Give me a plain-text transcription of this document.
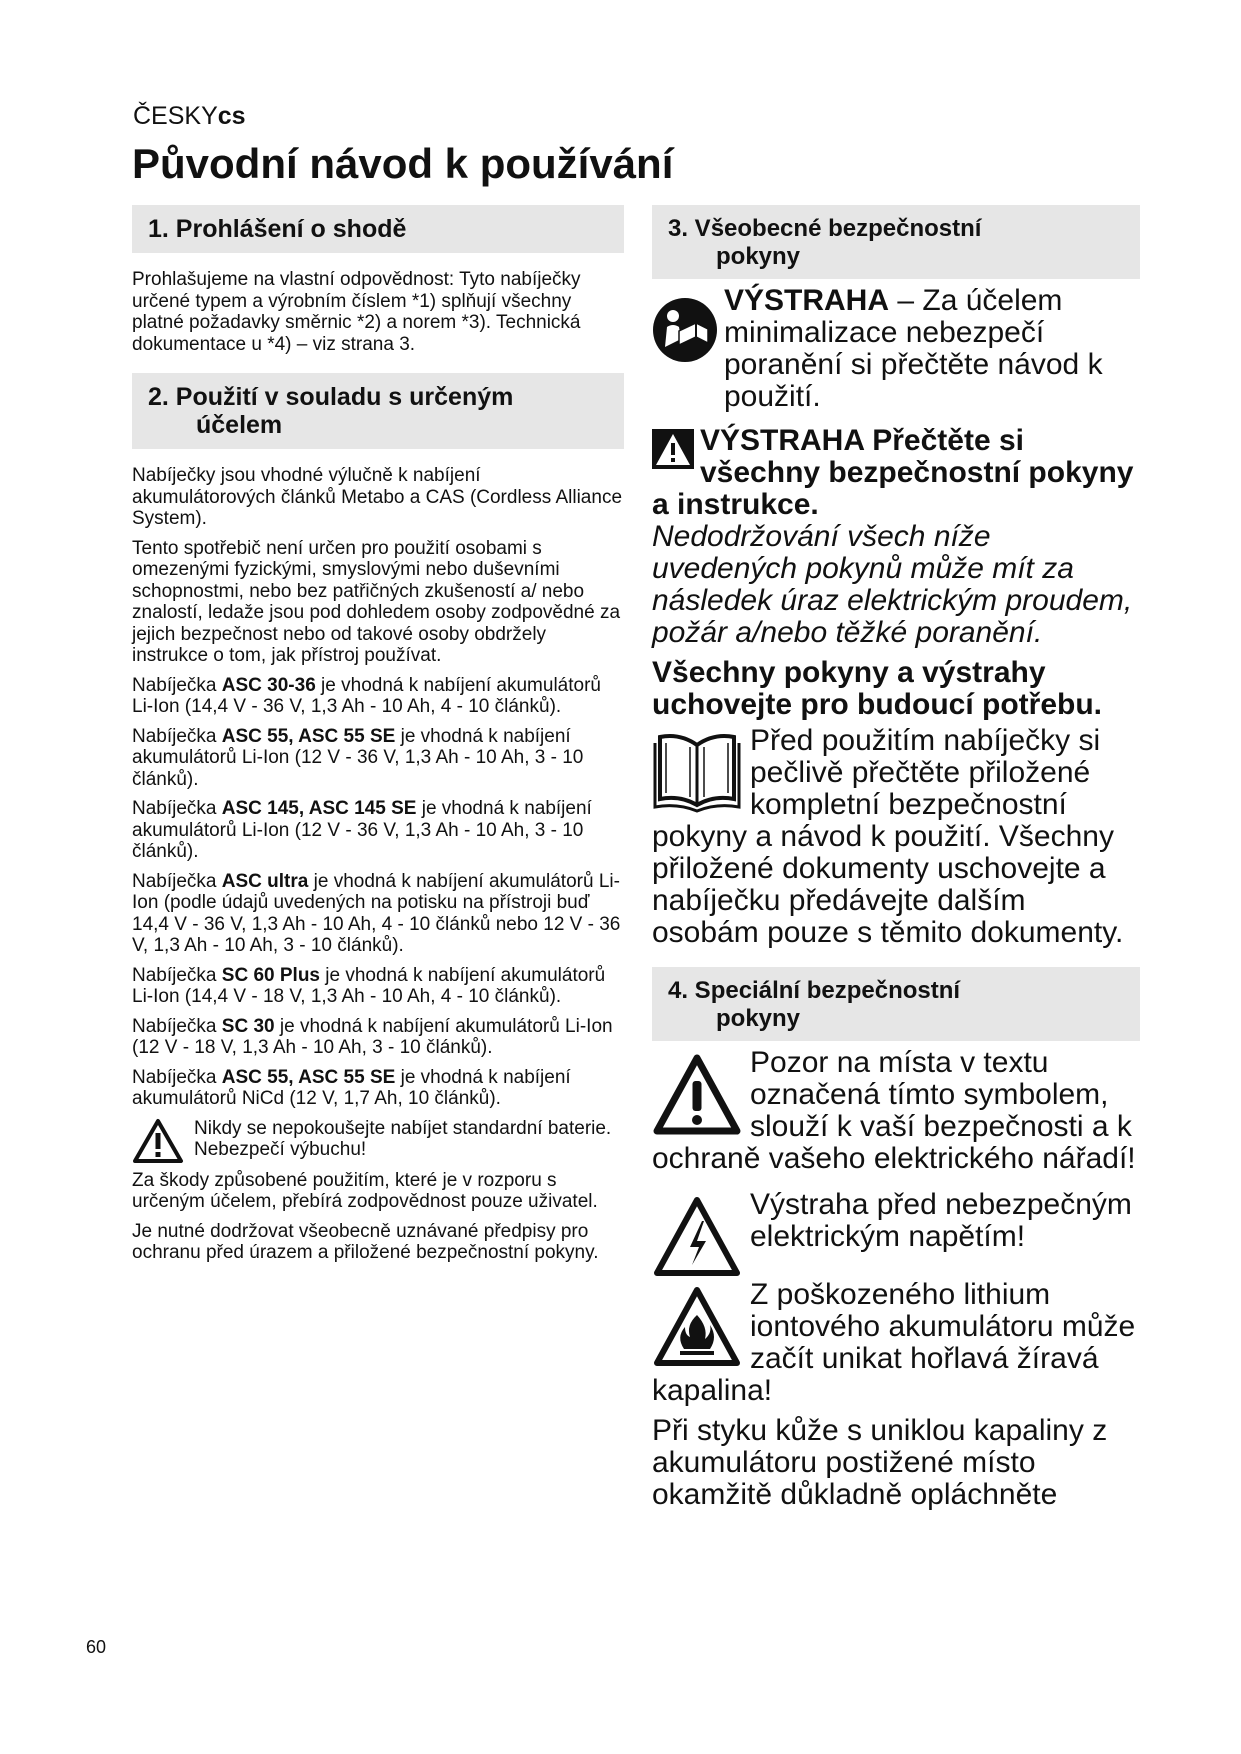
ČESKYcs
Původní návod k používání
1. Prohlášení o shodě

Prohlašujeme na vlastní odpovědnost: Tyto nabíječky určené typem a výrobním číslem *1) splňují všechny platné požadavky směrnic *2) a norem *3). Technická dokumentace u *4) – viz strana 3.

2. Použití v souladu s určeným
účelem

Nabíječky jsou vhodné výlučně k nabíjení akumulátorových článků Metabo a CAS (Cordless Alliance System).

Tento spotřebič není určen pro použití osobami s omezenými fyzickými, smyslovými nebo duševními schopnostmi, nebo bez patřičných zkušeností a/ nebo znalostí, ledaže jsou pod dohledem osoby zodpovědné za jejich bezpečnost nebo od takové osoby obdržely instrukce o tom, jak přístroj používat.

Nabíječka ASC 30-36 je vhodná k nabíjení akumulátorů Li-Ion (14,4 V - 36 V, 1,3 Ah - 10 Ah, 4 - 10 článků).

Nabíječka ASC 55, ASC 55 SE je vhodná k nabíjení akumulátorů Li-Ion (12 V - 36 V, 1,3 Ah - 10 Ah, 3 - 10 článků).

Nabíječka ASC 145, ASC 145 SE je vhodná k nabíjení akumulátorů Li-Ion (12 V - 36 V, 1,3 Ah - 10 Ah, 3 - 10 článků).

Nabíječka ASC ultra je vhodná k nabíjení akumulátorů Li-Ion (podle údajů uvedených na potisku na přístroji buď 14,4 V - 36 V, 1,3 Ah - 10 Ah, 4 - 10 článků nebo 12 V - 36 V, 1,3 Ah - 10 Ah, 3 - 10 článků).

Nabíječka SC 60 Plus je vhodná k nabíjení akumulátorů Li-Ion (14,4 V - 18 V, 1,3 Ah - 10 Ah, 4 - 10 článků).

Nabíječka SC 30 je vhodná k nabíjení akumulátorů Li-Ion (12 V - 18 V, 1,3 Ah - 10 Ah, 3 - 10 článků).

Nabíječka ASC 55, ASC 55 SE je vhodná k nabíjení akumulátorů NiCd (12 V, 1,7 Ah, 10 článků).

Nikdy se nepokoušejte nabíjet standardní baterie. Nebezpečí výbuchu!

Za škody způsobené použitím, které je v rozporu s určeným účelem, přebírá zodpovědnost pouze uživatel.

Je nutné dodržovat všeobecně uznávané předpisy pro ochranu před úrazem a přiložené bezpečnostní pokyny.

3. Všeobecné bezpečnostní
pokyny
VÝSTRAHA – Za účelem minimalizace nebezpečí poranění si přečtěte návod k použití.
VÝSTRAHA Přečtěte si všechny bezpečnostní pokyny a instrukce.
Nedodržování všech níže uvedených pokynů může mít za následek úraz elektrickým proudem, požár a/nebo těžké poranění.
Všechny pokyny a výstrahy uchovejte pro budoucí potřebu.
Před použitím nabíječky si pečlivě přečtěte přiložené kompletní bezpečnostní pokyny a návod k použití. Všechny přiložené dokumenty uschovejte a nabíječku předávejte dalším osobám pouze s těmito dokumenty.
4. Speciální bezpečnostní
pokyny
Pozor na místa v textu označená tímto symbolem, slouží k vaší bezpečnosti a k ochraně vašeho elektrického nářadí!
Výstraha před nebezpečným elektrickým napětím!
Z poškozeného lithium iontového akumulátoru může začít unikat hořlavá žíravá kapalina!
Při styku kůže s uniklou kapaliny z akumulátoru postižené místo okamžitě důkladně opláchněte
60
